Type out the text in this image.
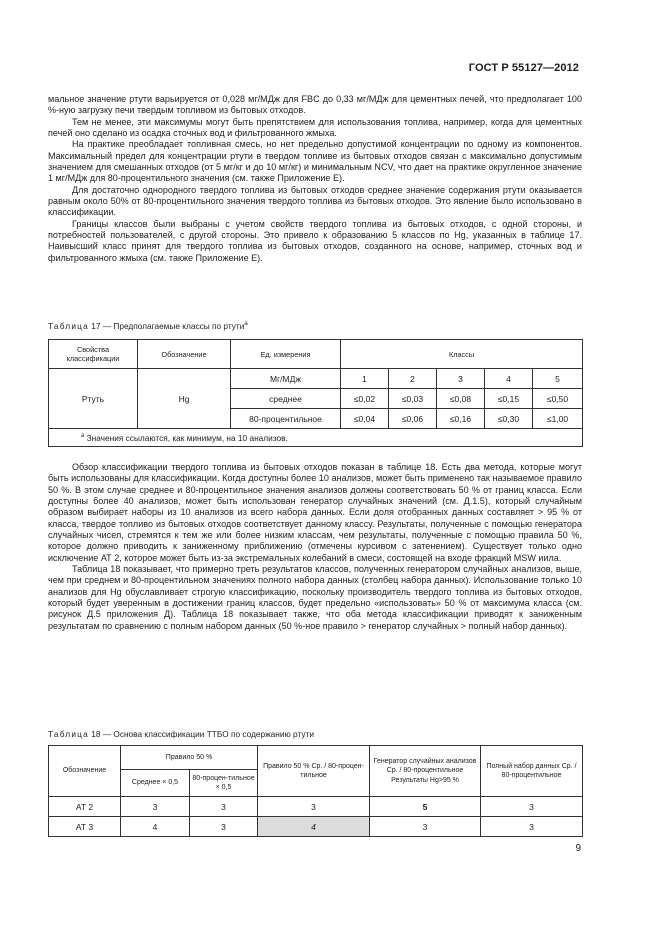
ГОСТ Р 55127—2012

мальное значение ртути варьируется от 0,028 мг/МДж для FBC до 0,33 мг/МДж для цементных печей, что предполагает 100 %-ную загрузку печи твердым топливом из бытовых отходов.

Тем не менее, эти максимумы могут быть препятствием для использования топлива, например, когда для цементных печей оно сделано из осадка сточных вод и фильтрованного жмыха.

На практике преобладает топливная смесь, но нет предельно допустимой концентрации по одному из компонентов. Максимальный предел для концентрации ртути в твердом топливе из бытовых отходов связан с максимально допустимым значением для смешанных отходов (от 5 мг/кг и до 10 мг/кг) и минимальным NCV, что дает на практике округленное значение 1 мг/МДж для 80-процентильного значения (см. также Приложение Е).

Для достаточно однородного твердого топлива из бытовых отходов среднее значение содержания ртути оказывается равным около 50% от 80-процентильного значения твердого топлива из бытовых отходов. Это явление было использовано в классификации.

Границы классов были выбраны с учетом свойств твердого топлива из бытовых отходов, с одной стороны, и потребностей пользователей, с другой стороны. Это привело к образованию 5 классов по Hg, указанных в таблице 17. Наивысший класс принят для твердого топлива из бытовых отходов, созданного на основе, например, сточных вод и фильтрованного жмыха (см. также Приложение Е).

Таблица 17 — Предполагаемые классы по ртути$^a$
Свойства классификации	Обозначение	Ед. измерения	Классы				
Ртуть	Hg	Мг/МДж	1	2	3	4	5
		среднее	≤0,02	≤0,03	≤0,08	≤0,15	≤0,50
		80-процентильное	≤0,04	≤0,06	≤0,16	≤0,30	≤1,00
$^a$ Значения ссылаются, как минимум, на 10 анализов.							

Обзор классификации твердого топлива из бытовых отходов показан в таблице 18. Есть два метода, которые могут быть использованы для классификации. Когда доступны более 10 анализов, может быть применено так называемое правило 50 %. В этом случае среднее и 80-процентильное значения анализов должны соответствовать 50 % от границ класса. Если доступны более 40 анализов, может быть использован генератор случайных значений (см. Д.1.5), который случайным образом выбирает наборы из 10 анализов из всего набора данных. Если доля отобранных данных составляет > 95 % от класса, твердое топливо из бытовых отходов соответствует данному классу. Результаты, полученные с помощью генератора случайных чисел, стремятся к тем же или более низким классам, чем результаты, полученные с помощью правила 50 %, которое должно приводить к заниженному приближению (отмечены курсивом с затенением). Существует только одно исключение АТ 2, которое может быть из-за экстремальных колебаний в смеси, состоящей на входе фракций MSW иила.

Таблица 18 показывает, что примерно треть результатов классов, полученных генератором случайных анализов, выше, чем при среднем и 80-процентильном значениях полного набора данных (столбец набора данных). Использование только 10 анализов для Hg обуславливает строгую классификацию, поскольку производитель твердого топлива из бытовых отходов, который будет уверенным в достижении границ классов, будет предельно «использовать» 50 % от максимума класса (см. рисунок Д.5 приложения Д). Таблица 18 показывает также, что оба метода классификации приводят к заниженным результатам по сравнению с полным набором данных (50 %-ное правило > генератор случайных > полный набор данных).

Таблица 18 — Основа классификации ТТБО по содержанию ртути
Обозначение	Правило 50 %		Правило 50 % Ср. / 80-процен-тильное	Генератор случайных анализов Ср. / 80-процентильное Результаты Hg>95 %	Полный набор данных Ср. / 80-процентильное
	Среднее × 0,5	80-процен-тильное × 0,5			
АТ 2	3	3	3	5	3
АТ 3	4	3	4	3	3
9
